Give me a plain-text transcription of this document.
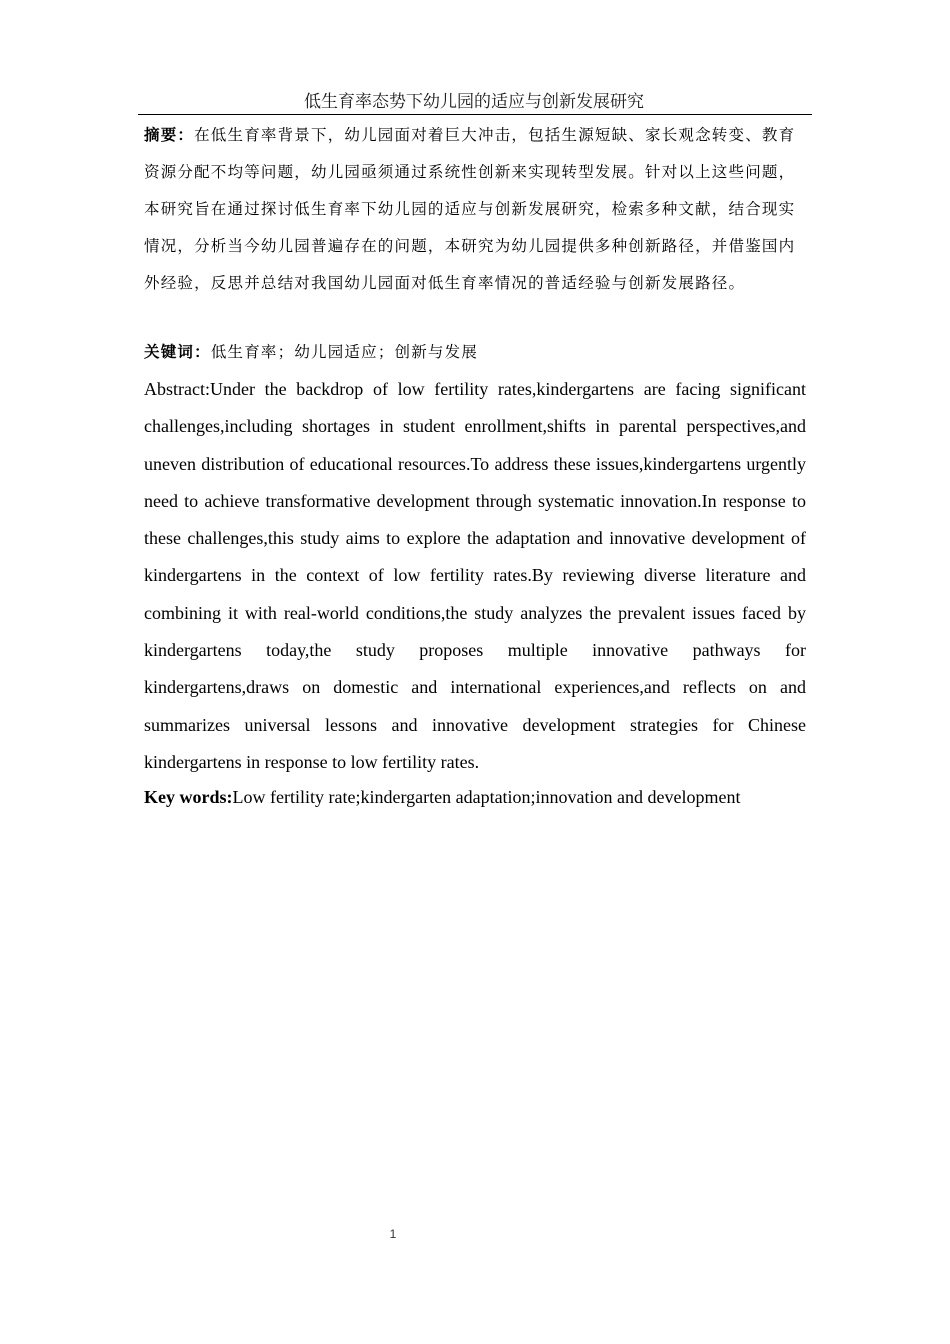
低生育率态势下幼儿园的适应与创新发展研究

摘要：在低生育率背景下，幼儿园面对着巨大冲击，包括生源短缺、家长观念转变、教育资源分配不均等问题，幼儿园亟须通过系统性创新来实现转型发展。针对以上这些问题，本研究旨在通过探讨低生育率下幼儿园的适应与创新发展研究，检索多种文献，结合现实情况，分析当今幼儿园普遍存在的问题，本研究为幼儿园提供多种创新路径，并借鉴国内外经验，反思并总结对我国幼儿园面对低生育率情况的普适经验与创新发展路径。

关键词：低生育率；幼儿园适应；创新与发展

Abstract:Under the backdrop of low fertility rates,kindergartens are facing significant challenges,including shortages in student enrollment,shifts in parental perspectives,and uneven distribution of educational resources.To address these issues,kindergartens urgently need to achieve transformative development through systematic innovation.In response to these challenges,this study aims to explore the adaptation and innovative development of kindergartens in the context of low fertility rates.By reviewing diverse literature and combining it with real-world conditions,the study analyzes the prevalent issues faced by kindergartens today,the study proposes multiple innovative pathways for kindergartens,draws on domestic and international experiences,and reflects on and summarizes universal lessons and innovative development strategies for Chinese kindergartens in response to low fertility rates.

Key words:Low fertility rate;kindergarten adaptation;innovation and development

1
